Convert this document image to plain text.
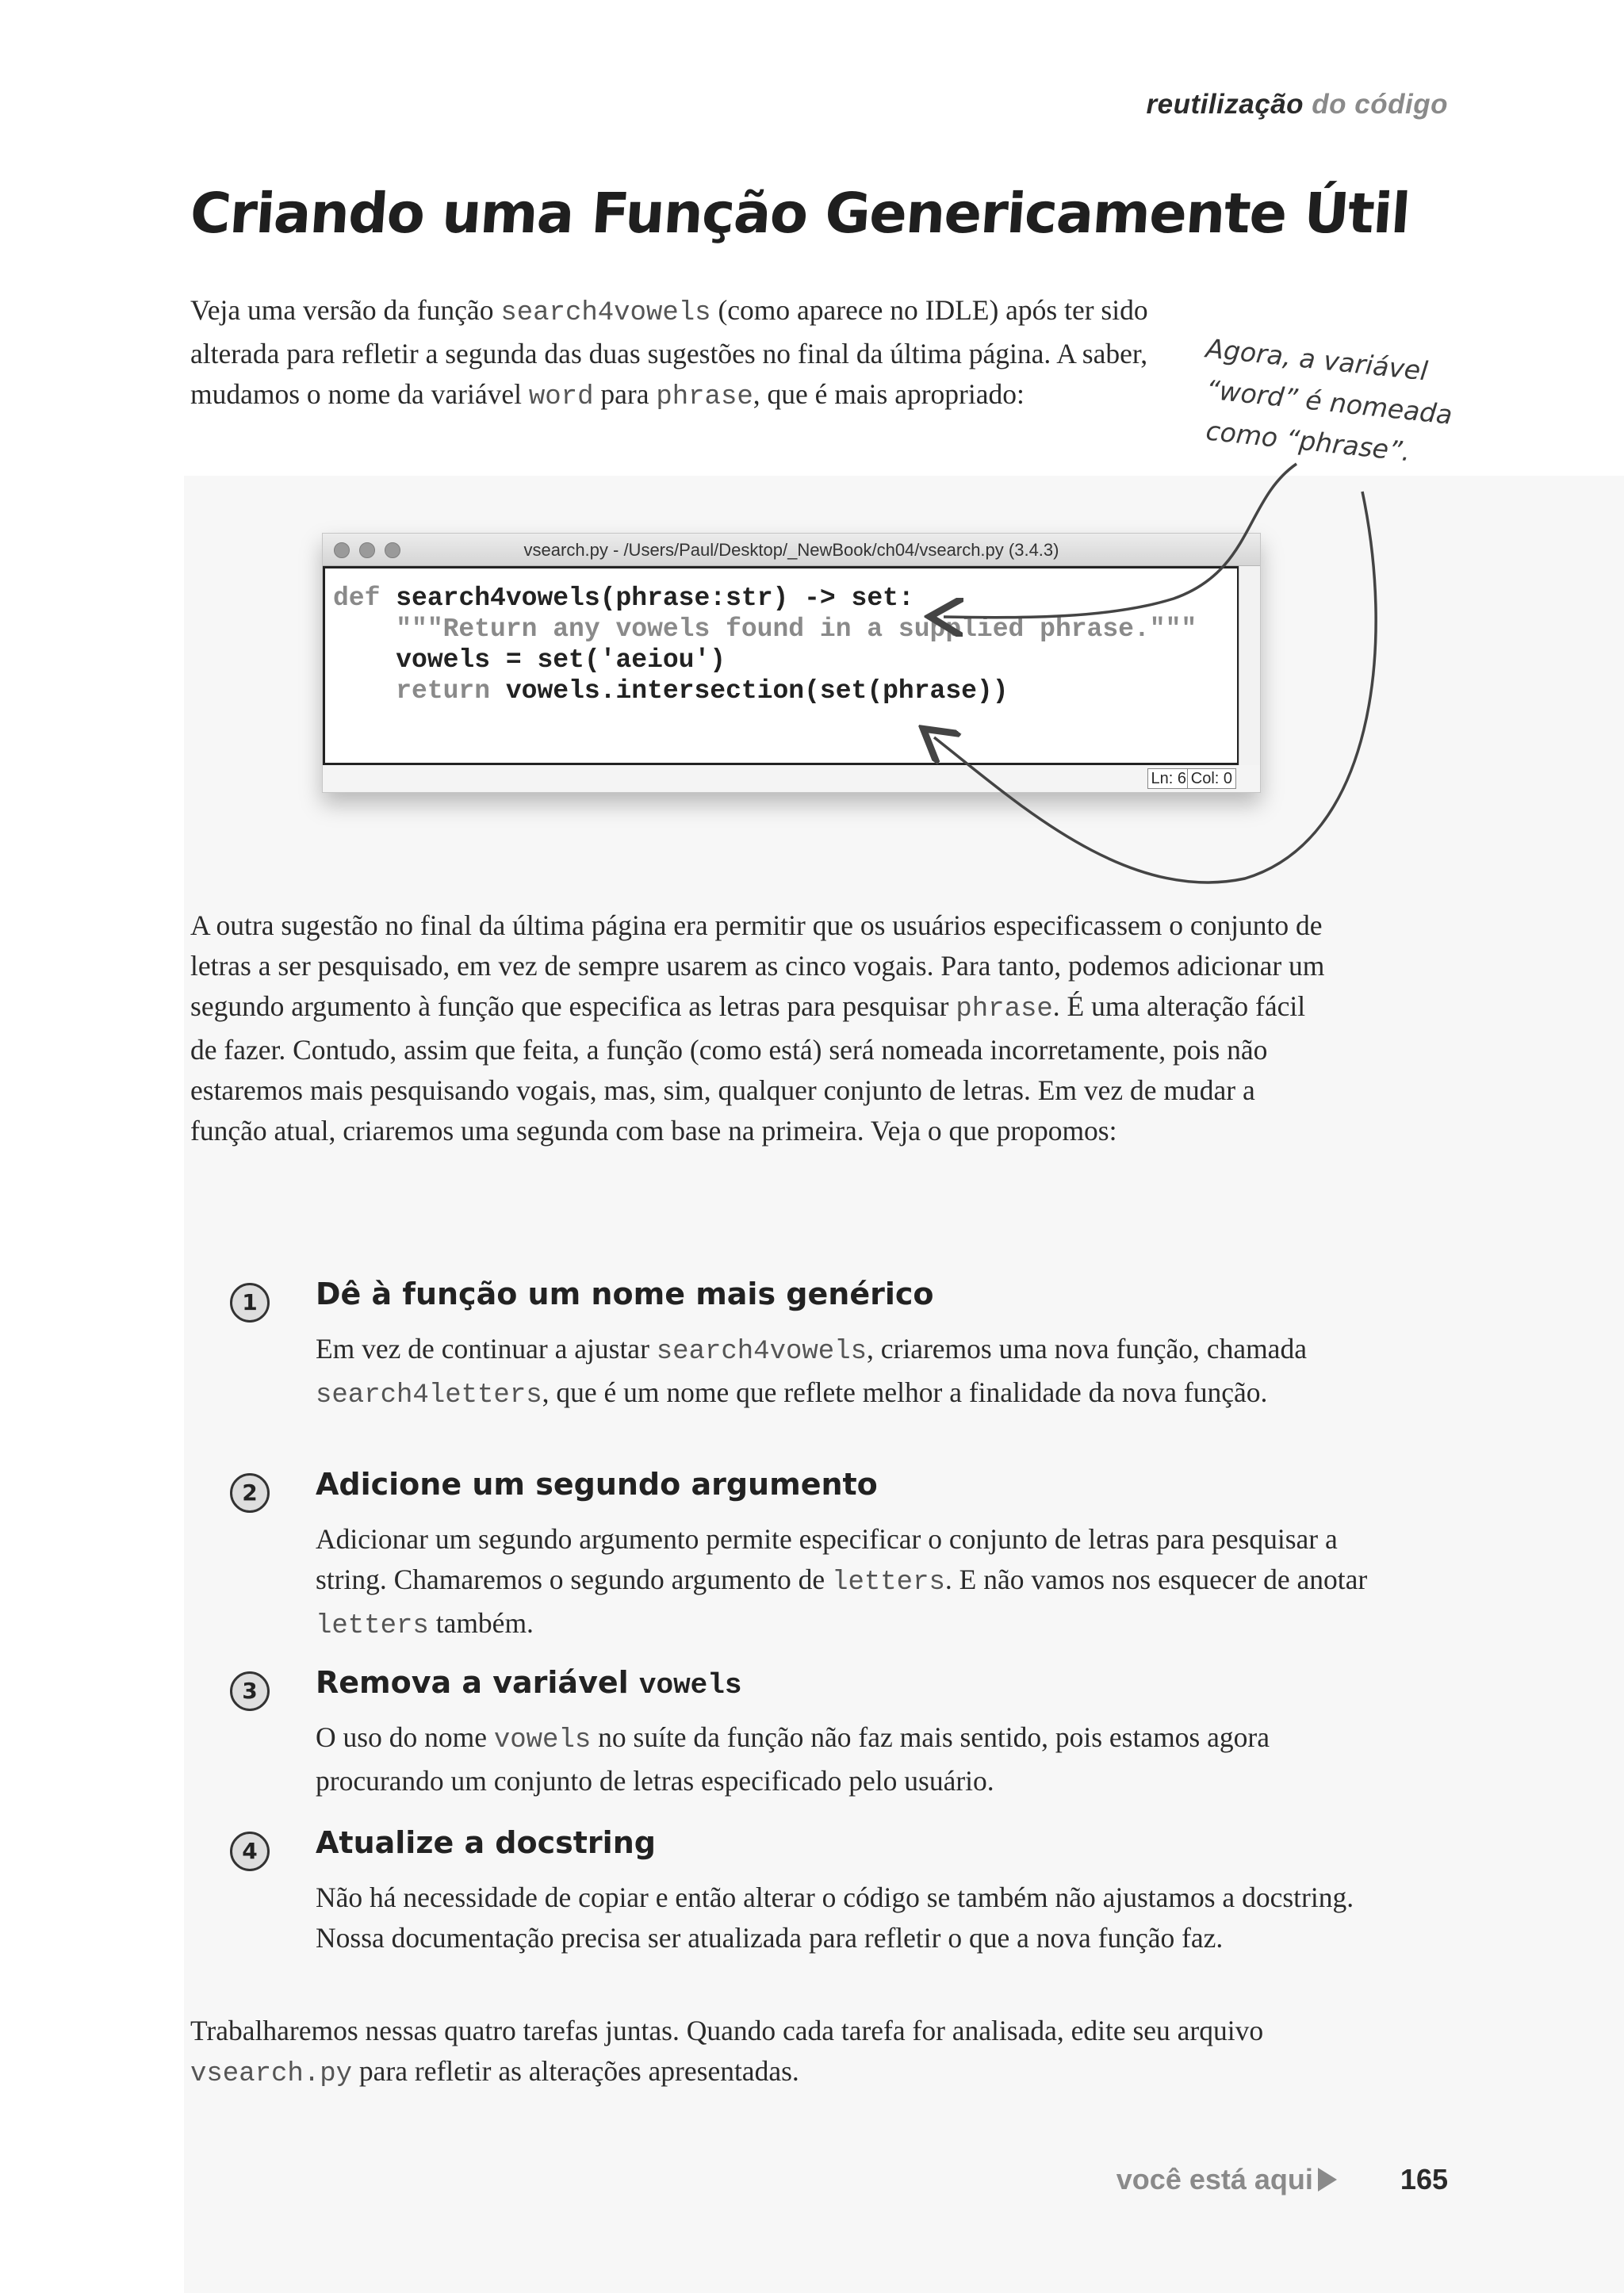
reutilização do código
Criando uma Função Genericamente Útil

Veja uma versão da função search4vowels (como aparece no IDLE) após ter sido alterada para refletir a segunda das duas sugestões no final da última página. A saber, mudamos o nome da variável word para phrase, que é mais apropriado:

Agora, a variável
“word” é nomeada
como “phrase”.
vsearch.py - /Users/Paul/Desktop/_NewBook/ch04/vsearch.py (3.4.3)
def search4vowels(phrase:str) -> set:
"""Return any vowels found in a supplied phrase."""
vowels = set('aeiou')
return vowels.intersection(set(phrase))
Ln: 6 Col: 0

A outra sugestão no final da última página era permitir que os usuários especificassem o conjunto de letras a ser pesquisado, em vez de sempre usarem as cinco vogais. Para tanto, podemos adicionar um segundo argumento à função que especifica as letras para pesquisar phrase. É uma alteração fácil de fazer. Contudo, assim que feita, a função (como está) será nomeada incorretamente, pois não estaremos mais pesquisando vogais, mas, sim, qualquer conjunto de letras. Em vez de mudar a função atual, criaremos uma segunda com base na primeira. Veja o que propomos:

1	Dê à função um nome mais genérico

Em vez de continuar a ajustar search4vowels, criaremos uma nova função, chamada search4letters, que é um nome que reflete melhor a finalidade da nova função.

2	Adicione um segundo argumento

Adicionar um segundo argumento permite especificar o conjunto de letras para pesquisar a string. Chamaremos o segundo argumento de letters. E não vamos nos esquecer de anotar letters também.

3	Remova a variável vowels

O uso do nome vowels no suíte da função não faz mais sentido, pois estamos agora procurando um conjunto de letras especificado pelo usuário.

4	Atualize a docstring

Não há necessidade de copiar e então alterar o código se também não ajustamos a docstring. Nossa documentação precisa ser atualizada para refletir o que a nova função faz.

Trabalharemos nessas quatro tarefas juntas. Quando cada tarefa for analisada, edite seu arquivo vsearch.py para refletir as alterações apresentadas.

você está aqui	165
